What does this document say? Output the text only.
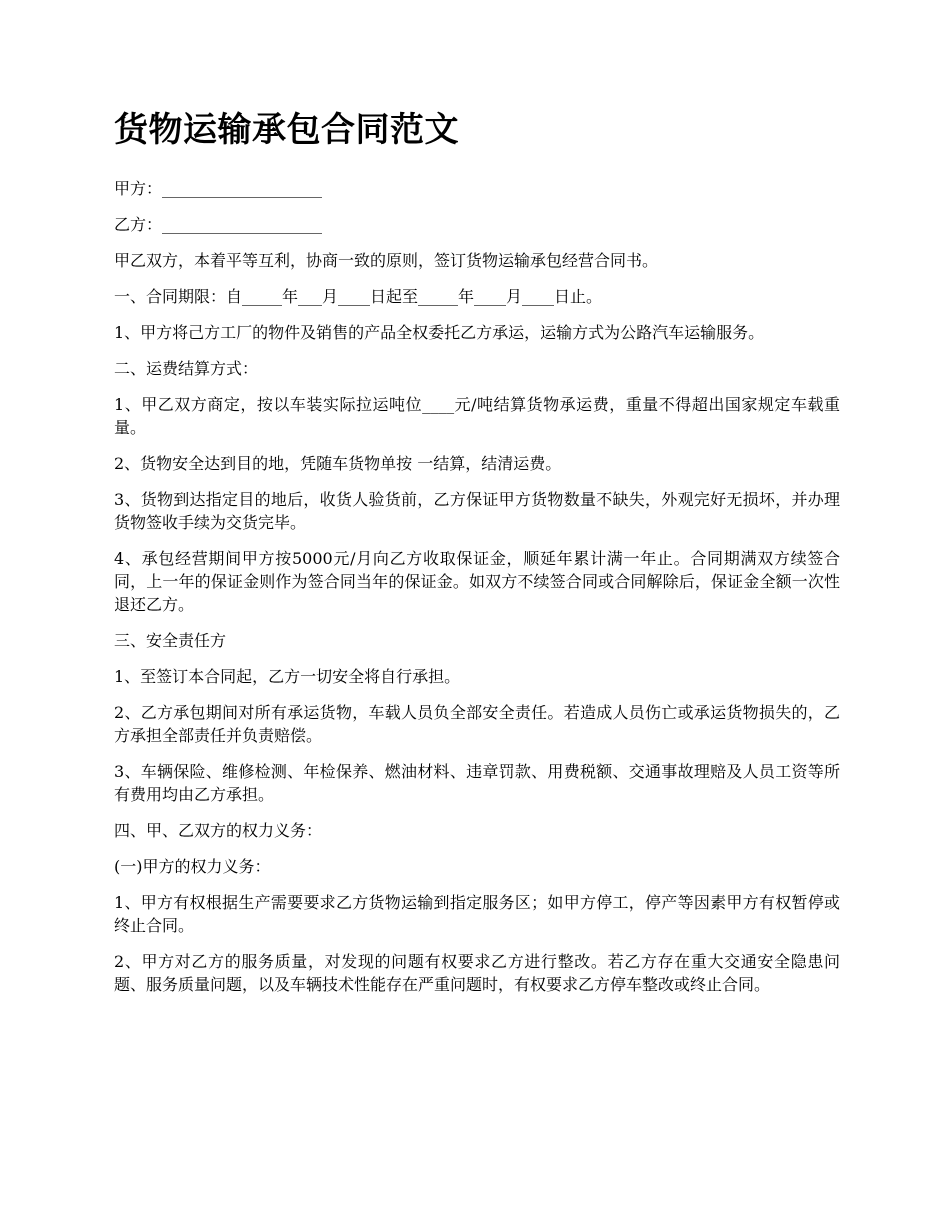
货物运输承包合同范文

甲方：____________________

乙方：____________________

甲乙双方，本着平等互利，协商一致的原则，签订货物运输承包经营合同书。

一、合同期限：自_____年___月____日起至_____年____月____日止。

1、甲方将己方工厂的物件及销售的产品全权委托乙方承运，运输方式为公路汽车运输服务。

二、运费结算方式：

1、甲乙双方商定，按以车装实际拉运吨位____元/吨结算货物承运费，重量不得超出国家规定车载重量。

2、货物安全达到目的地，凭随车货物单按 一结算，结清运费。

3、货物到达指定目的地后，收货人验货前，乙方保证甲方货物数量不缺失，外观完好无损坏，并办理货物签收手续为交货完毕。

4、承包经营期间甲方按5000元/月向乙方收取保证金，顺延年累计满一年止。合同期满双方续签合同，上一年的保证金则作为签合同当年的保证金。如双方不续签合同或合同解除后，保证金全额一次性退还乙方。

三、安全责任方

1、至签订本合同起，乙方一切安全将自行承担。

2、乙方承包期间对所有承运货物，车载人员负全部安全责任。若造成人员伤亡或承运货物损失的，乙方承担全部责任并负责赔偿。

3、车辆保险、维修检测、年检保养、燃油材料、违章罚款、用费税额、交通事故理赔及人员工资等所有费用均由乙方承担。

四、甲、乙双方的权力义务：

(一)甲方的权力义务：

1、甲方有权根据生产需要要求乙方货物运输到指定服务区；如甲方停工，停产等因素甲方有权暂停或终止合同。

2、甲方对乙方的服务质量，对发现的问题有权要求乙方进行整改。若乙方存在重大交通安全隐患问题、服务质量问题，以及车辆技术性能存在严重问题时，有权要求乙方停车整改或终止合同。
